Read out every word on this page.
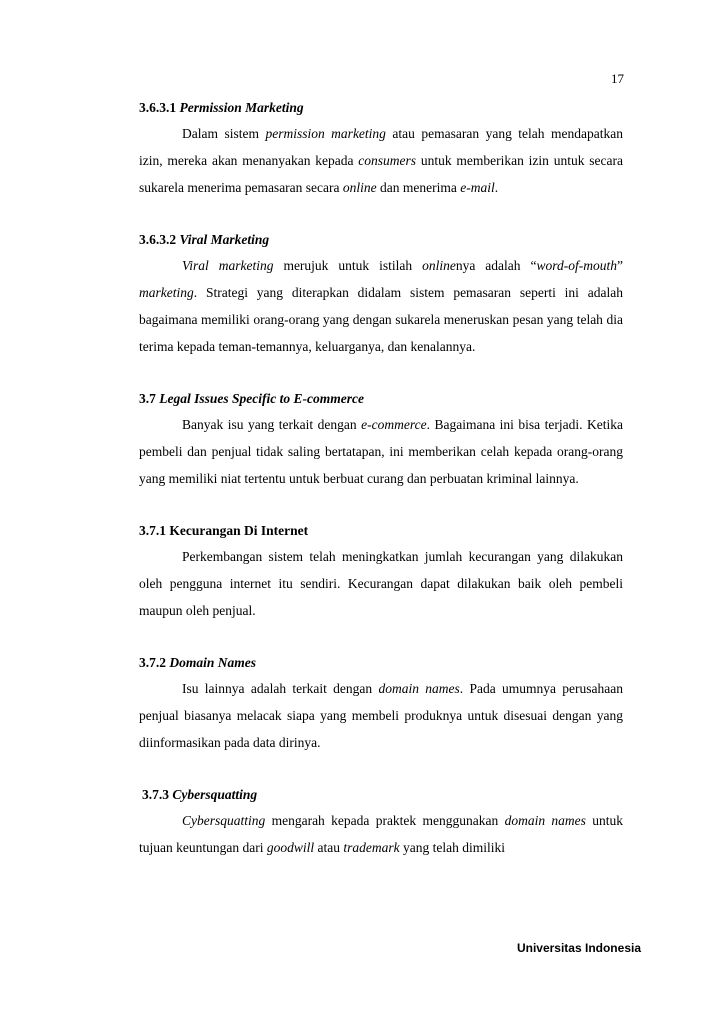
17

3.6.3.1 Permission Marketing

Dalam sistem permission marketing atau pemasaran yang telah mendapatkan izin, mereka akan menanyakan kepada consumers untuk memberikan izin untuk secara sukarela menerima pemasaran secara online dan menerima e-mail.

3.6.3.2 Viral Marketing

Viral marketing merujuk untuk istilah onlinenya adalah “word-of-mouth” marketing. Strategi yang diterapkan didalam sistem pemasaran seperti ini adalah bagaimana memiliki orang-orang yang dengan sukarela meneruskan pesan yang telah dia terima kepada teman-temannya, keluarganya, dan kenalannya.

3.7 Legal Issues Specific to E-commerce

Banyak isu yang terkait dengan e-commerce. Bagaimana ini bisa terjadi. Ketika pembeli dan penjual tidak saling bertatapan, ini memberikan celah kepada orang-orang yang memiliki niat tertentu untuk berbuat curang dan perbuatan kriminal lainnya.

3.7.1 Kecurangan Di Internet

Perkembangan sistem telah meningkatkan jumlah kecurangan yang dilakukan oleh pengguna internet itu sendiri. Kecurangan dapat dilakukan baik oleh pembeli maupun oleh penjual.

3.7.2 Domain Names

Isu lainnya adalah terkait dengan domain names. Pada umumnya perusahaan penjual biasanya melacak siapa yang membeli produknya untuk disesuai dengan yang diinformasikan pada data dirinya.

3.7.3 Cybersquatting

Cybersquatting mengarah kepada praktek menggunakan domain names untuk tujuan keuntungan dari goodwill atau trademark yang telah dimiliki

Universitas Indonesia
